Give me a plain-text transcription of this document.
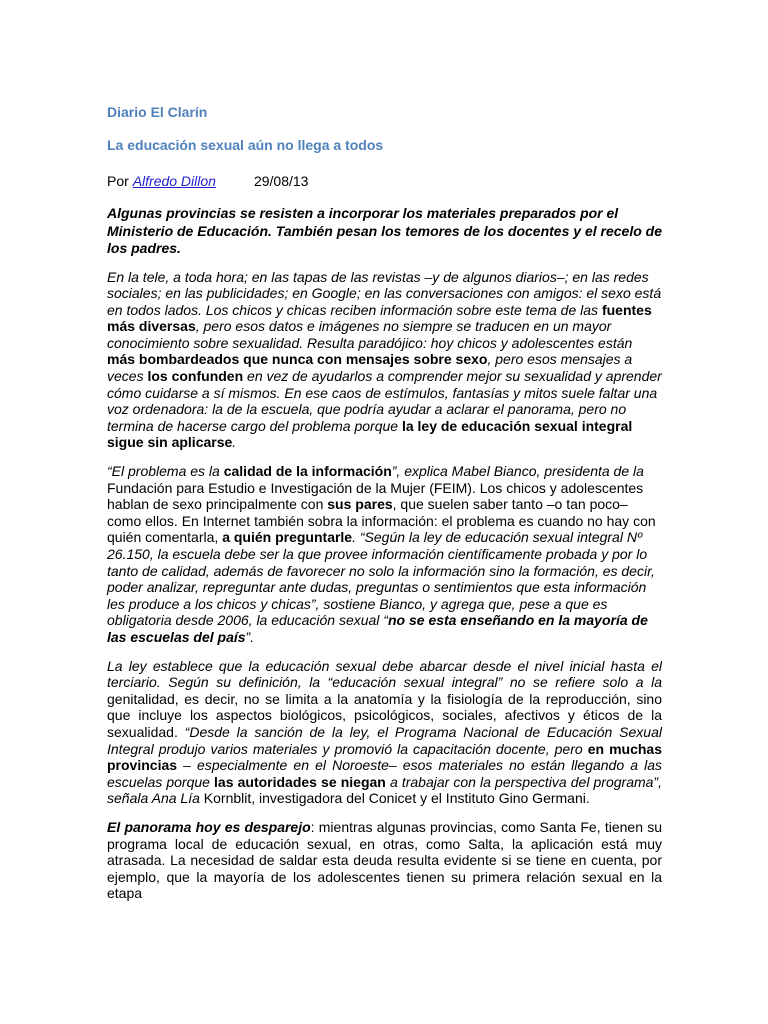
Diario El Clarín
La educación sexual aún no llega a todos
Por Alfredo Dillon	29/08/13

Algunas provincias se resisten a incorporar los materiales preparados por el Ministerio de Educación. También pesan los temores de los docentes y el recelo de los padres.

En la tele, a toda hora; en las tapas de las revistas –y de algunos diarios–; en las redes sociales; en las publicidades; en Google; en las conversaciones con amigos: el sexo está en todos lados. Los chicos y chicas reciben información sobre este tema de las fuentes más diversas, pero esos datos e imágenes no siempre se traducen en un mayor conocimiento sobre sexualidad. Resulta paradójico: hoy chicos y adolescentes están más bombardeados que nunca con mensajes sobre sexo, pero esos mensajes a veces los confunden en vez de ayudarlos a comprender mejor su sexualidad y aprender cómo cuidarse a sí mismos. En ese caos de estímulos, fantasías y mitos suele faltar una voz ordenadora: la de la escuela, que podría ayudar a aclarar el panorama, pero no termina de hacerse cargo del problema porque la ley de educación sexual integral sigue sin aplicarse.

“El problema es la calidad de la información”, explica Mabel Bianco, presidenta de la Fundación para Estudio e Investigación de la Mujer (FEIM). Los chicos y adolescentes hablan de sexo principalmente con sus pares, que suelen saber tanto –o tan poco– como ellos. En Internet también sobra la información: el problema es cuando no hay con quién comentarla, a quién preguntarle. “Según la ley de educación sexual integral Nº 26.150, la escuela debe ser la que provee información científicamente probada y por lo tanto de calidad, además de favorecer no solo la información sino la formación, es decir, poder analizar, repreguntar ante dudas, preguntas o sentimientos que esta información les produce a los chicos y chicas”, sostiene Bianco, y agrega que, pese a que es obligatoria desde 2006, la educación sexual “no se esta enseñando en la mayoría de las escuelas del país”.

La ley establece que la educación sexual debe abarcar desde el nivel inicial hasta el terciario. Según su definición, la “educación sexual integral” no se refiere solo a la genitalidad, es decir, no se limita a la anatomía y la fisiología de la reproducción, sino que incluye los aspectos biológicos, psicológicos, sociales, afectivos y éticos de la sexualidad. “Desde la sanción de la ley, el Programa Nacional de Educación Sexual Integral produjo varios materiales y promovió la capacitación docente, pero en muchas provincias – especialmente en el Noroeste– esos materiales no están llegando a las escuelas porque las autoridades se niegan a trabajar con la perspectiva del programa”, señala Ana Lía Kornblit, investigadora del Conicet y el Instituto Gino Germani.

El panorama hoy es desparejo: mientras algunas provincias, como Santa Fe, tienen su programa local de educación sexual, en otras, como Salta, la aplicación está muy atrasada. La necesidad de saldar esta deuda resulta evidente si se tiene en cuenta, por ejemplo, que la mayoría de los adolescentes tienen su primera relación sexual en la etapa
